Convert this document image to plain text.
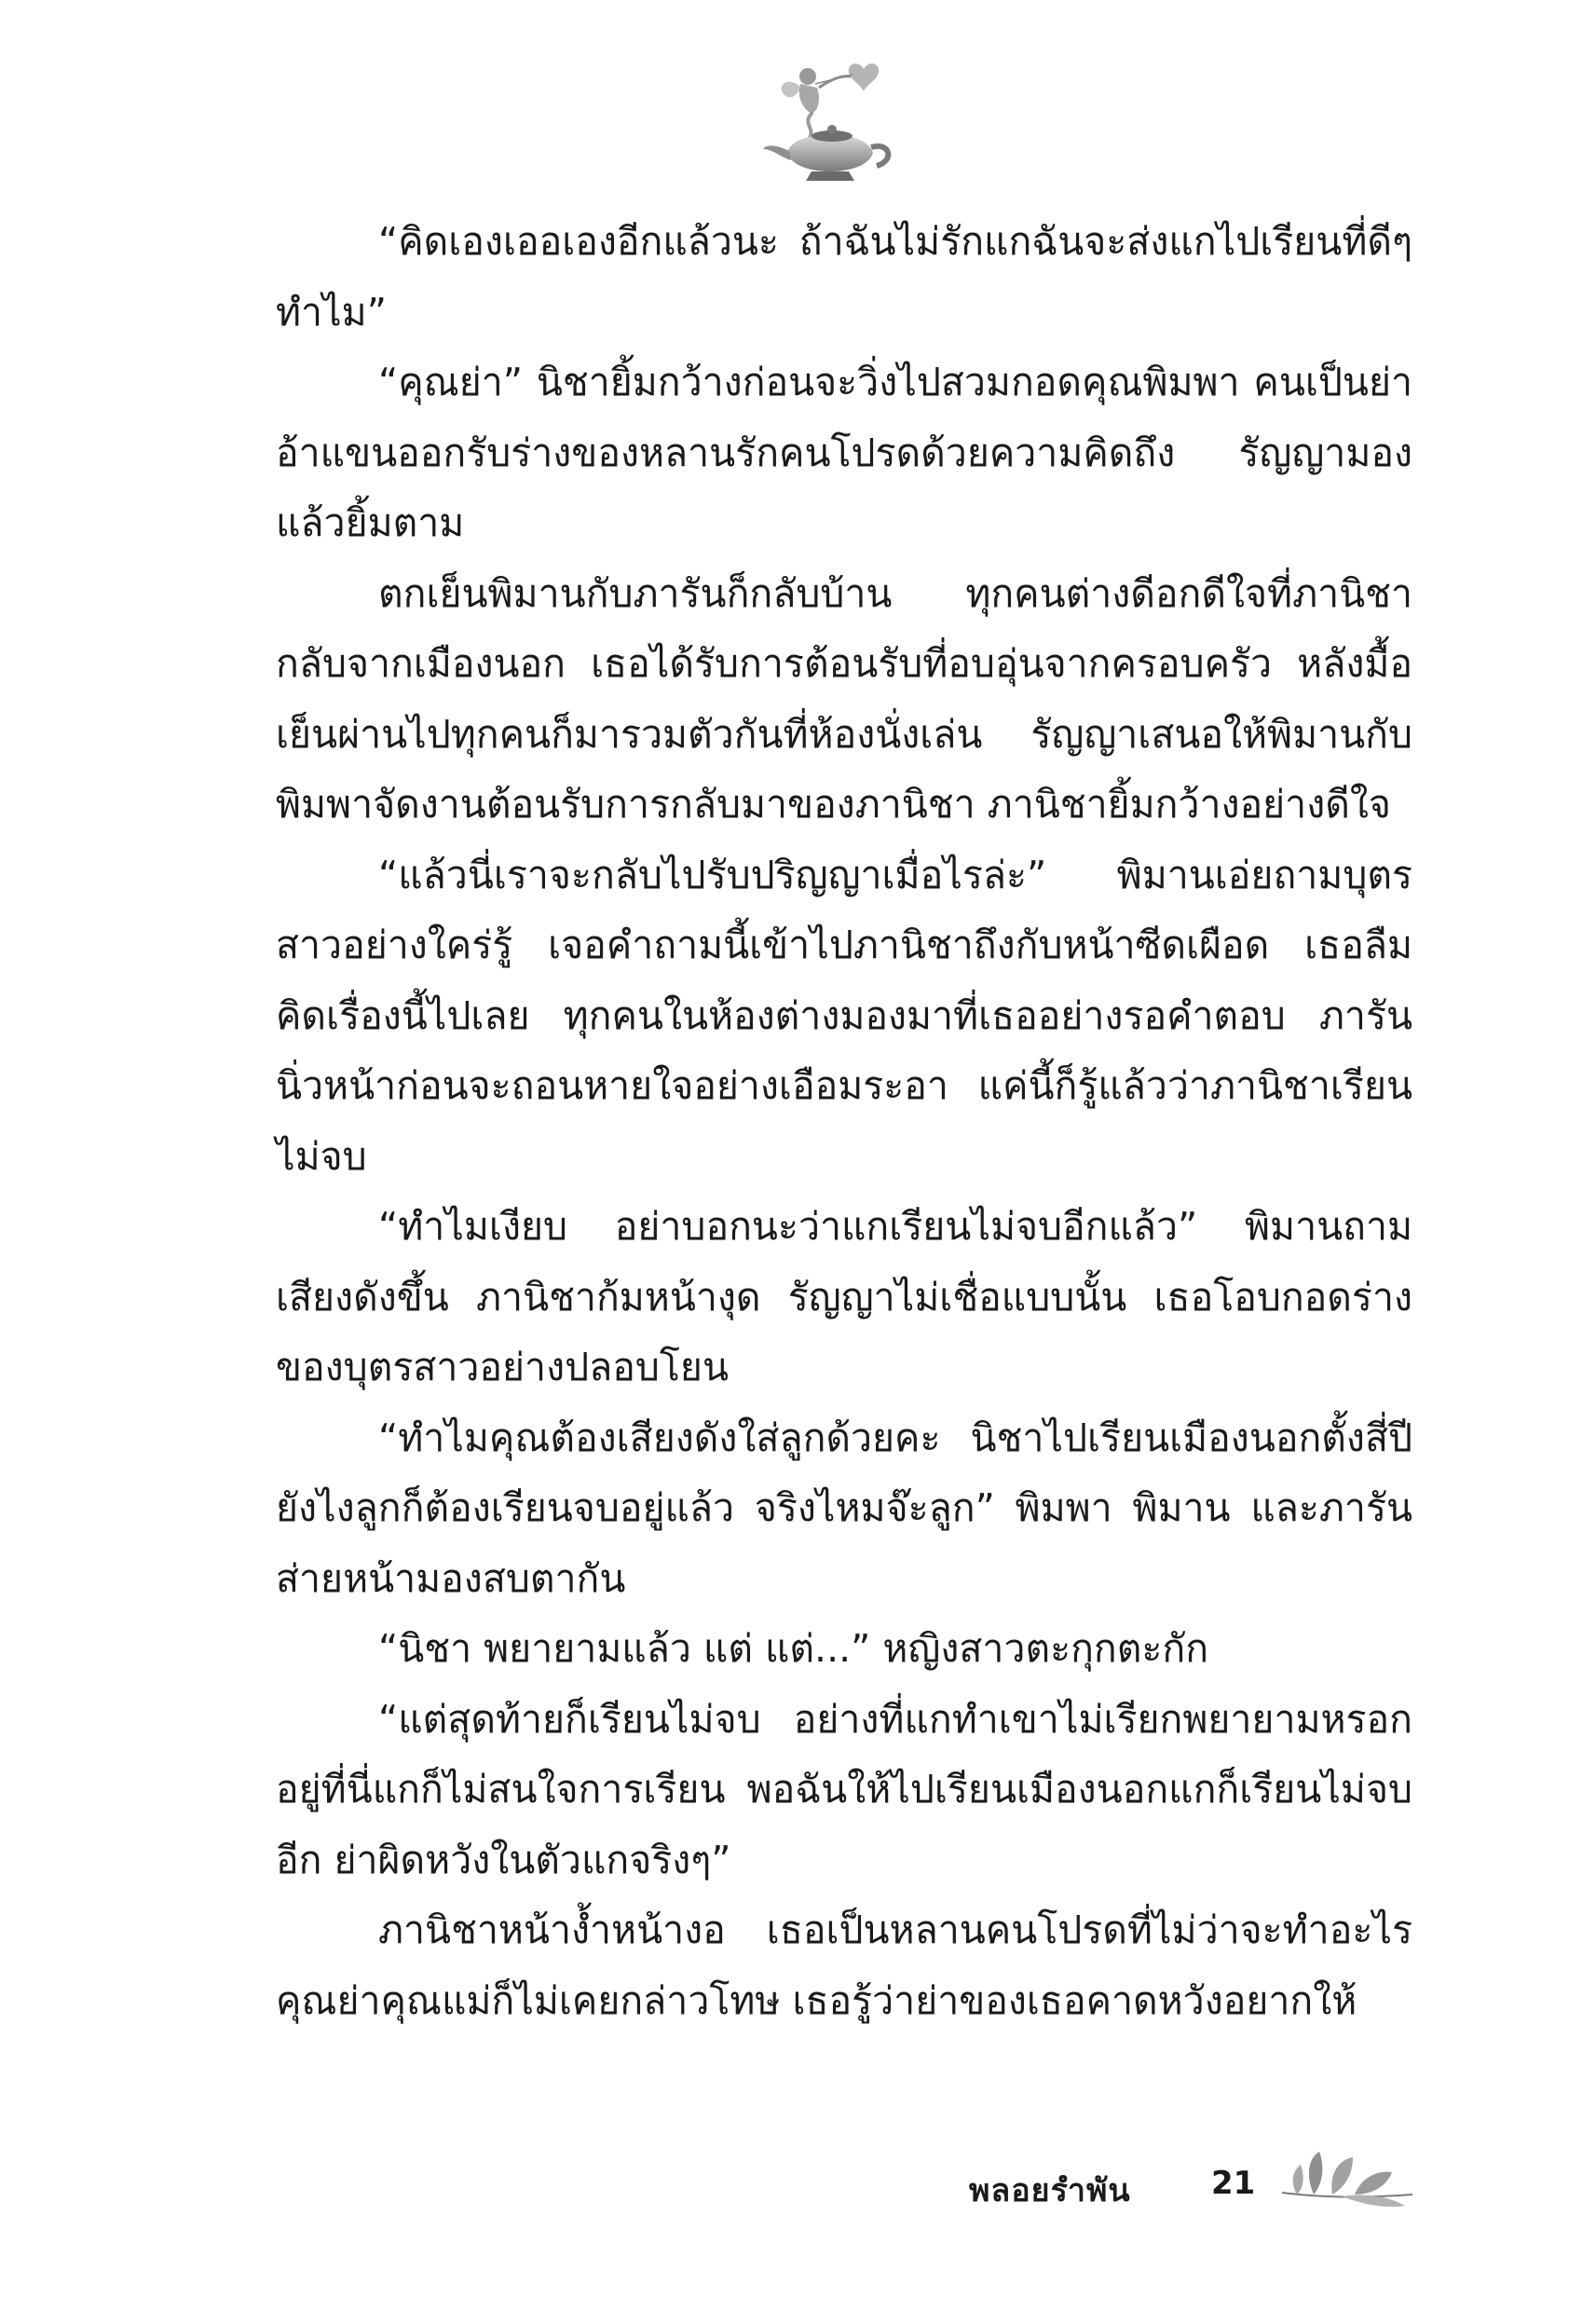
“คิดเองเออเองอีกแล้วนะ ถ้าฉันไม่รักแกฉันจะส่งแกไปเรียนที่ดีๆทำไม”

“คุณย่า” นิชายิ้มกว้างก่อนจะวิ่งไปสวมกอดคุณพิมพา คนเป็นย่าอ้าแขนออกรับร่างของหลานรักคนโปรดด้วยความคิดถึง รัญญามองแล้วยิ้มตาม

ตกเย็นพิมานกับภารันก็กลับบ้าน ทุกคนต่างดีอกดีใจที่ภานิชากลับจากเมืองนอก เธอได้รับการต้อนรับที่อบอุ่นจากครอบครัว หลังมื้อเย็นผ่านไปทุกคนก็มารวมตัวกันที่ห้องนั่งเล่น รัญญาเสนอให้พิมานกับพิมพาจัดงานต้อนรับการกลับมาของภานิชา ภานิชายิ้มกว้างอย่างดีใจ

“แล้วนี่เราจะกลับไปรับปริญญาเมื่อไรล่ะ” พิมานเอ่ยถามบุตรสาวอย่างใคร่รู้ เจอคำถามนี้เข้าไปภานิชาถึงกับหน้าซีดเผือด เธอลืมคิดเรื่องนี้ไปเลย ทุกคนในห้องต่างมองมาที่เธออย่างรอคำตอบ ภารันนิ่วหน้าก่อนจะถอนหายใจอย่างเอือมระอา แค่นี้ก็รู้แล้วว่าภานิชาเรียนไม่จบ

“ทำไมเงียบ อย่าบอกนะว่าแกเรียนไม่จบอีกแล้ว” พิมานถามเสียงดังขึ้น ภานิชาก้มหน้างุด รัญญาไม่เชื่อแบบนั้น เธอโอบกอดร่างของบุตรสาวอย่างปลอบโยน

“ทำไมคุณต้องเสียงดังใส่ลูกด้วยคะ นิชาไปเรียนเมืองนอกตั้งสี่ปียังไงลูกก็ต้องเรียนจบอยู่แล้ว จริงไหมจ๊ะลูก” พิมพา พิมาน และภารันส่ายหน้ามองสบตากัน

“นิชา พยายามแล้ว แต่ แต่...” หญิงสาวตะกุกตะกัก

“แต่สุดท้ายก็เรียนไม่จบ อย่างที่แกทำเขาไม่เรียกพยายามหรอกอยู่ที่นี่แกก็ไม่สนใจการเรียน พอฉันให้ไปเรียนเมืองนอกแกก็เรียนไม่จบอีก ย่าผิดหวังในตัวแกจริงๆ”

ภานิชาหน้างํ้าหน้างอ เธอเป็นหลานคนโปรดที่ไม่ว่าจะทำอะไรคุณย่าคุณแม่ก็ไม่เคยกล่าวโทษ เธอรู้ว่าย่าของเธอคาดหวังอยากให้

พลอยรำพัน	21
